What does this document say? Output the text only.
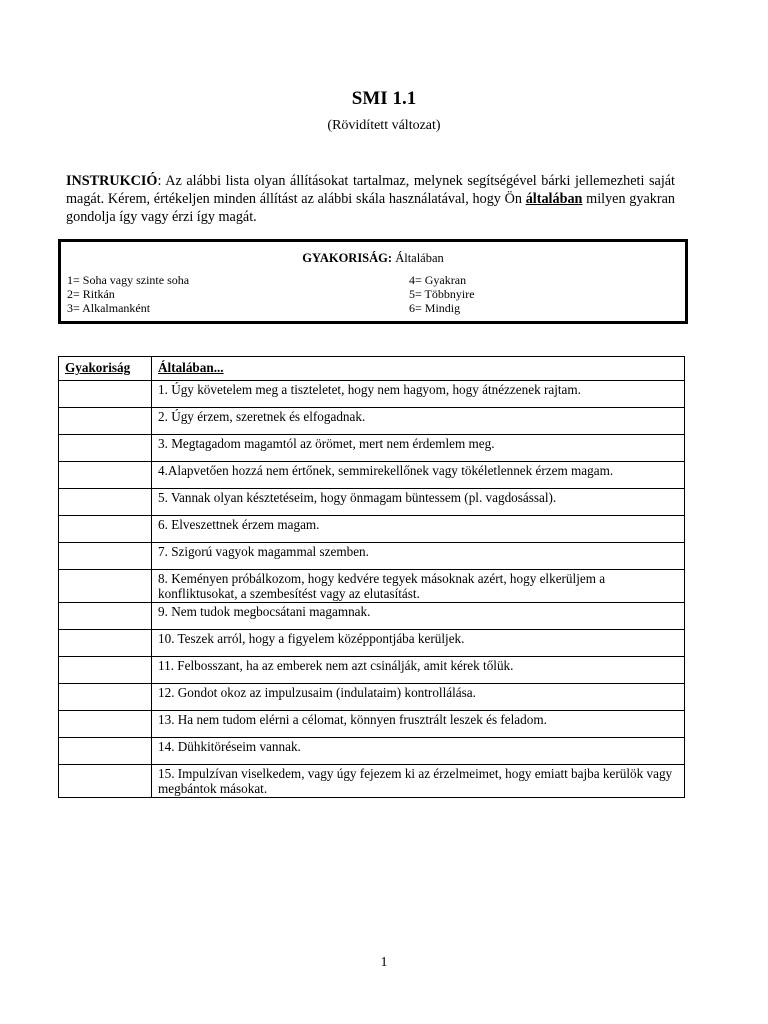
SMI 1.1
(Rövidített változat)
INSTRUKCIÓ: Az alábbi lista olyan állításokat tartalmaz, melynek segítségével bárki jellemezheti saját magát. Kérem, értékeljen minden állítást az alábbi skála használatával, hogy Ön általában milyen gyakran gondolja így vagy érzi így magát.
GYAKORISÁG: Általában
1= Soha vagy szinte soha
2= Ritkán
3= Alkalmanként
4= Gyakran
5= Többnyire
6= Mindig
Gyakoriság	Általában...
	1. Úgy követelem meg a tiszteletet, hogy nem hagyom, hogy átnézzenek rajtam.
	2. Úgy érzem, szeretnek és elfogadnak.
	3. Megtagadom magamtól az örömet, mert nem érdemlem meg.
	4.Alapvetően hozzá nem értőnek, semmirekellőnek vagy tökéletlennek érzem magam.
	5. Vannak olyan késztetéseim, hogy önmagam büntessem (pl. vagdosással).
	6. Elveszettnek érzem magam.
	7. Szigorú vagyok magammal szemben.
	8. Keményen próbálkozom, hogy kedvére tegyek másoknak azért, hogy elkerüljem a konfliktusokat, a szembesítést vagy az elutasítást.
	9. Nem tudok megbocsátani magamnak.
	10. Teszek arról, hogy a figyelem középpontjába kerüljek.
	11. Felbosszant, ha az emberek nem azt csinálják, amit kérek tőlük.
	12. Gondot okoz az impulzusaim (indulataim) kontrollálása.
	13. Ha nem tudom elérni a célomat, könnyen frusztrált leszek és feladom.
	14. Dühkitöréseim vannak.
	15. Impulzívan viselkedem, vagy úgy fejezem ki az érzelmeimet, hogy emiatt bajba kerülök vagy megbántok másokat.
1
